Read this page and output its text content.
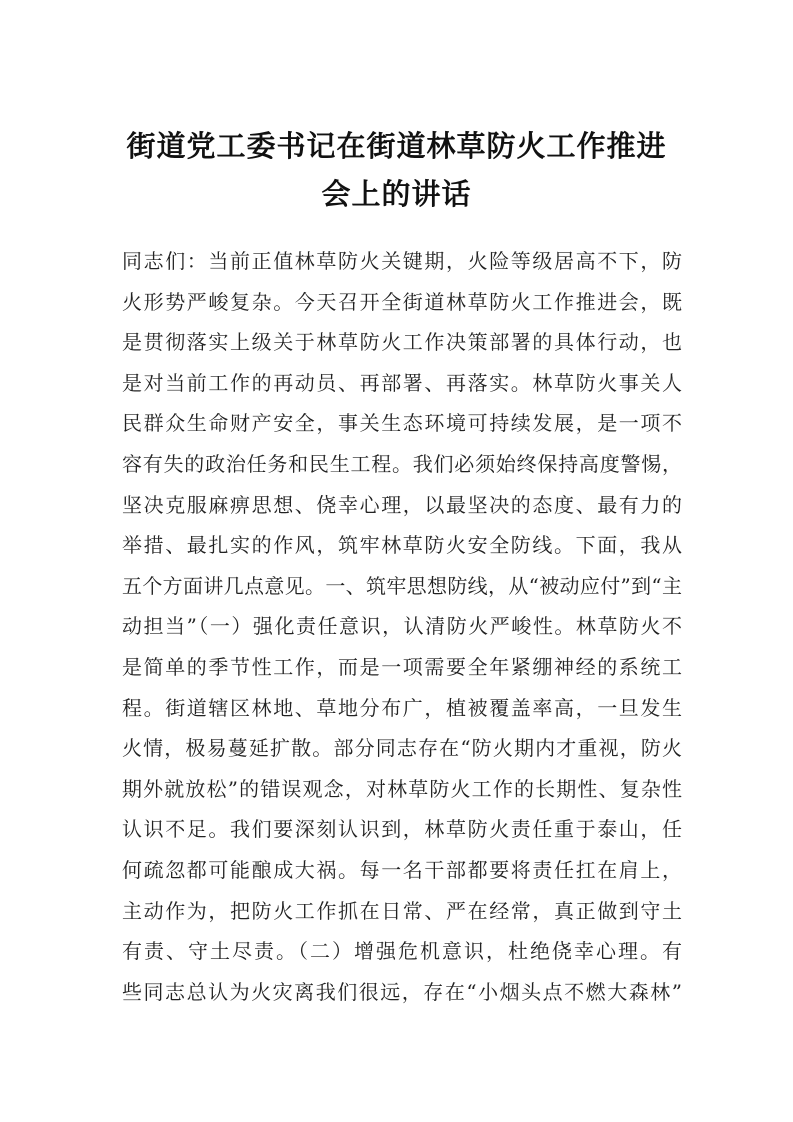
街道党工委书记在街道林草防火工作推进
会上的讲话
同志们：当前正值林草防火关键期，火险等级居高不下，防
火形势严峻复杂。今天召开全街道林草防火工作推进会，既
是贯彻落实上级关于林草防火工作决策部署的具体行动，也
是对当前工作的再动员、再部署、再落实。林草防火事关人
民群众生命财产安全，事关生态环境可持续发展，是一项不
容有失的政治任务和民生工程。我们必须始终保持高度警惕，
坚决克服麻痹思想、侥幸心理，以最坚决的态度、最有力的
举措、最扎实的作风，筑牢林草防火安全防线。下面，我从
五个方面讲几点意见。一、筑牢思想防线，从“被动应付”到“主
动担当”（一）强化责任意识，认清防火严峻性。林草防火不
是简单的季节性工作，而是一项需要全年紧绷神经的系统工
程。街道辖区林地、草地分布广，植被覆盖率高，一旦发生
火情，极易蔓延扩散。部分同志存在“防火期内才重视，防火
期外就放松”的错误观念，对林草防火工作的长期性、复杂性
认识不足。我们要深刻认识到，林草防火责任重于泰山，任
何疏忽都可能酿成大祸。每一名干部都要将责任扛在肩上，
主动作为，把防火工作抓在日常、严在经常，真正做到守土
有责、守土尽责。（二）增强危机意识，杜绝侥幸心理。有
些同志总认为火灾离我们很远，存在“小烟头点不燃大森林”
